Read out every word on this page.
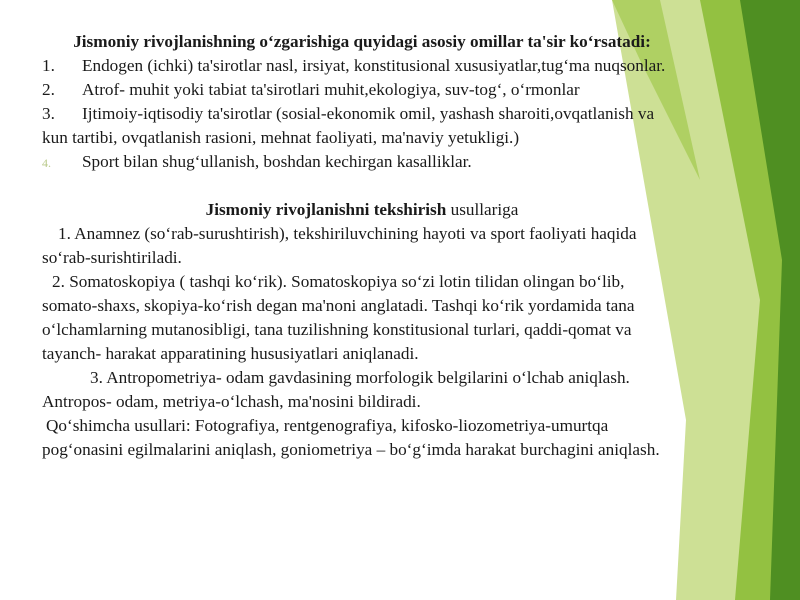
Jismoniy rivojlanishning o‘zgarishiga quyidagi asosiy omillar ta'sir ko‘rsatadi:

1. Endogen (ichki) ta'sirotlar nasl, irsiyat, konstitusional xususiyatlar,tug‘ma nuqsonlar.

2. Atrof- muhit yoki tabiat ta'sirotlari muhit,ekologiya, suv-tog‘, o‘rmonlar

3. Ijtimoiy-iqtisodiy ta'sirotlar (sosial-ekonomik omil, yashash sharoiti,ovqatlanish va kun tartibi, ovqatlanish rasioni, mehnat faoliyati, ma'naviy yetukligi.)

4. Sport bilan shug‘ullanish, boshdan kechirgan kasalliklar.

Jismoniy rivojlanishni tekshirish usullariga

1. Anamnez (so‘rab-surushtirish), tekshiriluvchining hayoti va sport faoliyati haqida so‘rab-surishtiriladi.

2. Somatoskopiya ( tashqi ko‘rik). Somatoskopiya so‘zi lotin tilidan olingan bo‘lib, somato-shaxs, skopiya-ko‘rish degan ma'noni anglatadi. Tashqi ko‘rik yordamida tana o‘lchamlarning mutanosibligi, tana tuzilishning konstitusional turlari, qaddi-qomat va tayanch- harakat apparatining hususiyatlari aniqlanadi.

3. Antropometriya- odam gavdasining morfologik belgilarini o‘lchab aniqlash. Antropos- odam, metriya-o‘lchash, ma'nosini bildiradi.

Qo‘shimcha usullari: Fotografiya, rentgenografiya, kifosko-liozometriya-umurtqa pog‘onasini egilmalarini aniqlash, goniometriya – bo‘g‘imda harakat burchagini aniqlash.
